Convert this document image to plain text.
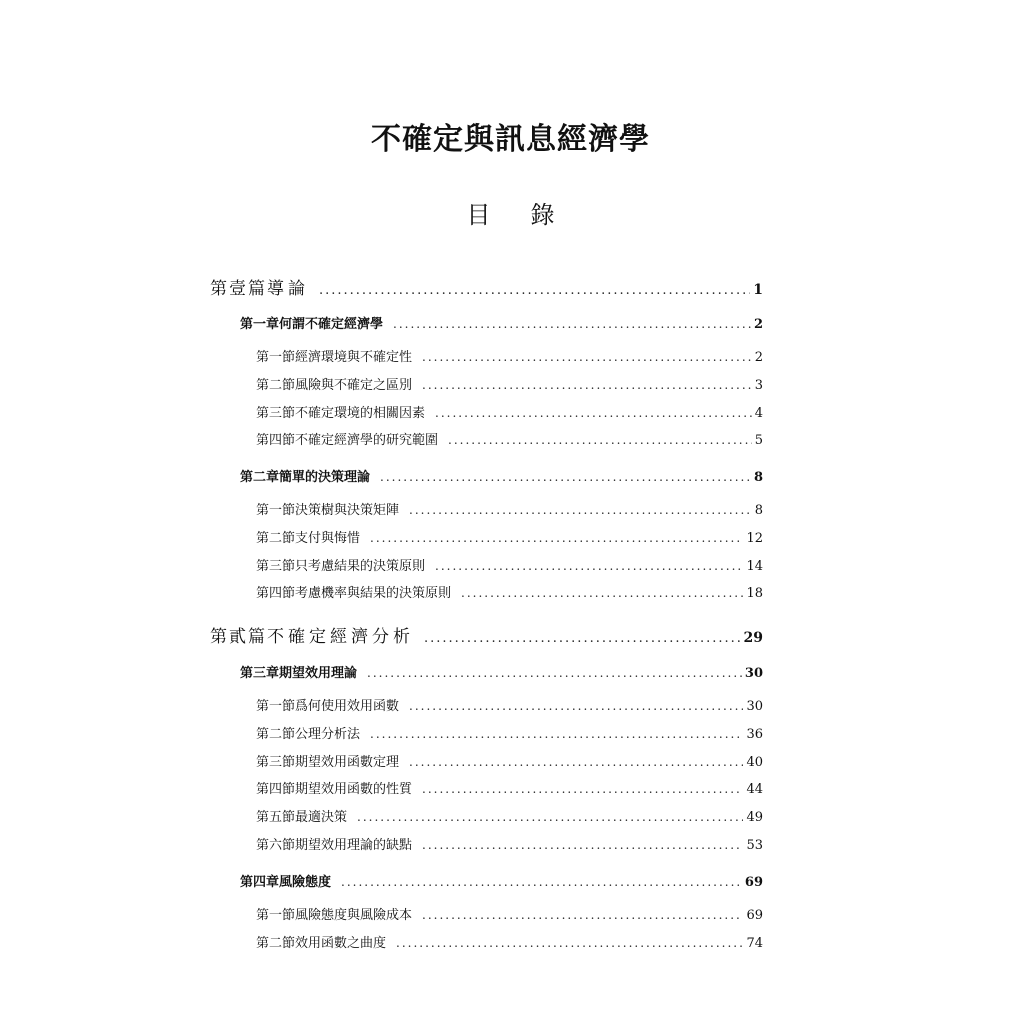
不確定與訊息經濟學
目錄
第壹篇 導論 .....	1
第一章 何謂不確定經濟學 .....	2
第一節 經濟環境與不確定性 .....	2
第二節 風險與不確定之區別 .....	3
第三節 不確定環境的相關因素 .....	4
第四節 不確定經濟學的研究範圍 .....	5
第二章 簡單的決策理論 .....	8
第一節 決策樹與決策矩陣 .....	8
第二節 支付與悔惜 .....	12
第三節 只考慮結果的決策原則 .....	14
第四節 考慮機率與結果的決策原則 .....	18
第貳篇 不確定經濟分析 .....	29
第三章 期望效用理論 .....	30
第一節 爲何使用效用函數 .....	30
第二節 公理分析法 .....	36
第三節 期望效用函數定理 .....	40
第四節 期望效用函數的性質 .....	44
第五節 最適決策 .....	49
第六節 期望效用理論的缺點 .....	53
第四章 風險態度 .....	69
第一節 風險態度與風險成本 .....	69
第二節 效用函數之曲度 .....	74
